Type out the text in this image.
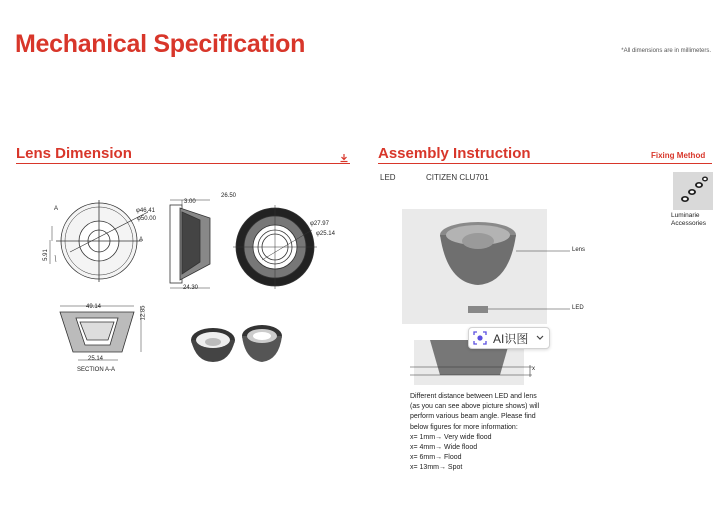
Mechanical Specification	*All dimensions are in millimeters.
Lens Dimension	Assembly Instruction	Fixing Method
LED	CITIZEN CLU701
Luminarie
Accessories
3.00
26.50
φ46.41
φ50.00
A
A
5.91
24.30
φ27.97
φ25.14
49.14	12.85
25.14
SECTION A-A
Lens
LED
x
AI识图
Different distance between LED and lens
(as you can see above picture shows) will
perform various beam angle. Please find
below figures for more information:
x= 1mm→ Very wide flood
x= 4mm→ Wide flood
x= 6mm→ Flood
x= 13mm→ Spot
